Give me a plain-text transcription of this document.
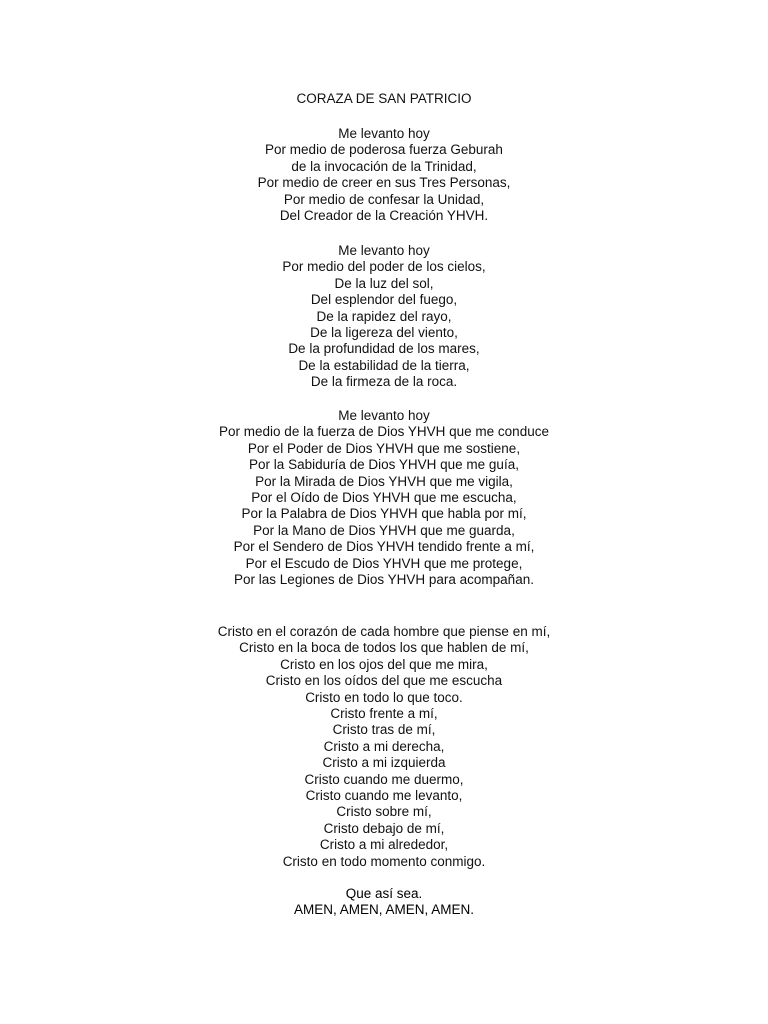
CORAZA DE SAN PATRICIO
Me levanto hoy
Por medio de poderosa fuerza Geburah
de la invocación de la Trinidad,
Por medio de creer en sus Tres Personas,
Por medio de confesar la Unidad,
Del Creador de la Creación YHVH.
Me levanto hoy
Por medio del poder de los cielos,
De la luz del sol,
Del esplendor del fuego,
De la rapidez del rayo,
De la ligereza del viento,
De la profundidad de los mares,
De la estabilidad de la tierra,
De la firmeza de la roca.
Me levanto hoy
Por medio de la fuerza de Dios YHVH que me conduce
Por el Poder de Dios YHVH que me sostiene,
Por la Sabiduría de Dios YHVH que me guía,
Por la Mirada de Dios YHVH que me vigila,
Por el Oído de Dios YHVH que me escucha,
Por la Palabra de Dios YHVH que habla por mí,
Por la Mano de Dios YHVH que me guarda,
Por el Sendero de Dios YHVH tendido frente a mí,
Por el Escudo de Dios YHVH que me protege,
Por las Legiones de Dios YHVH para acompañan.
Cristo en el corazón de cada hombre que piense en mí,
Cristo en la boca de todos los que hablen de mí,
Cristo en los ojos del que me mira,
Cristo en los oídos del que me escucha
Cristo en todo lo que toco.
Cristo frente a mí,
Cristo tras de mí,
Cristo a mi derecha,
Cristo a mi izquierda
Cristo cuando me duermo,
Cristo cuando me levanto,
Cristo sobre mí,
Cristo debajo de mí,
Cristo a mi alrededor,
Cristo en todo momento conmigo.
Que así sea.
AMEN, AMEN, AMEN, AMEN.
